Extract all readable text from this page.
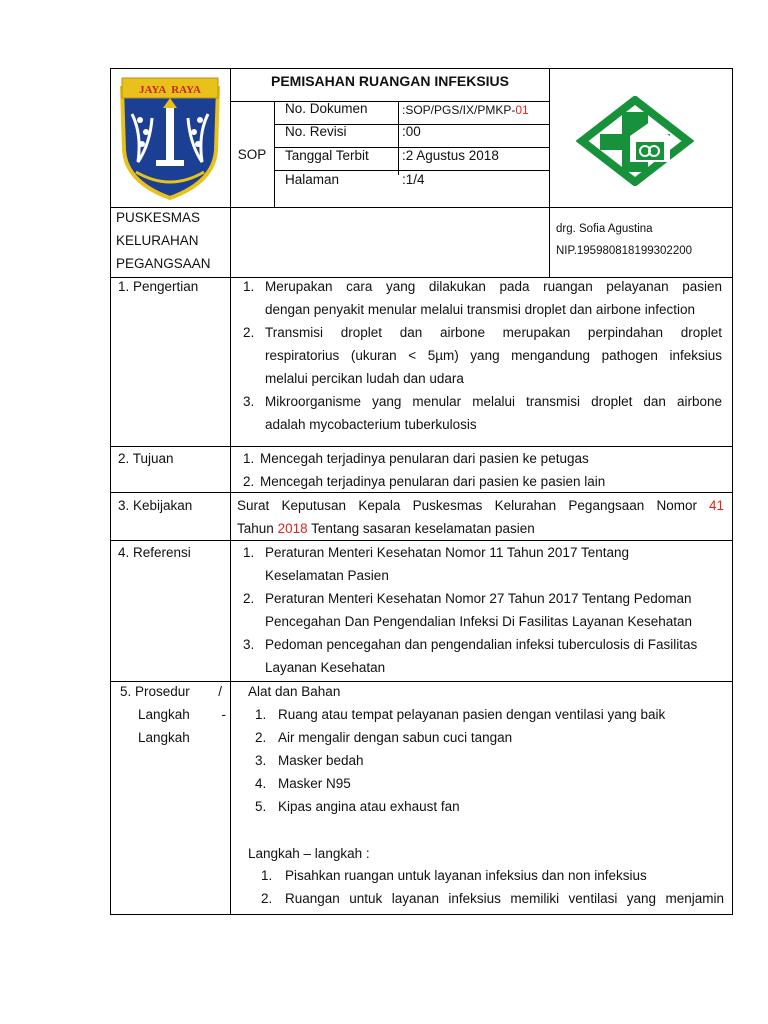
JAYA  RAYA
PEMISAHAN RUANGAN INFEKSIUS
SOP
No. Dokumen	:SOP/PGS/IX/PMKP-01
No. Revisi	:00
Tanggal Terbit :2 Agustus 2018
Halaman	:1/4
PUSKESMAS
KELURAHAN
PEGANGSAAN
drg. Sofia Agustina
NIP.195980818199302200
1. Pengertian	1. Merupakan cara yang dilakukan pada ruangan pelayanan pasien
dengan penyakit menular melalui transmisi droplet dan airbone infection
2. Transmisi droplet dan airbone merupakan perpindahan droplet
respiratorius (ukuran < 5µm) yang mengandung pathogen infeksius
melalui percikan ludah dan udara
3. Mikroorganisme yang menular melalui transmisi droplet dan airbone
adalah mycobacterium tuberkulosis
2. Tujuan	1. Mencegah terjadinya penularan dari pasien ke petugas
2. Mencegah terjadinya penularan dari pasien ke pasien lain
3. Kebijakan	Surat Keputusan Kepala Puskesmas Kelurahan Pegangsaan Nomor 41
Tahun 2018 Tentang sasaran keselamatan pasien
4. Referensi	1. Peraturan Menteri Kesehatan Nomor 11 Tahun 2017 Tentang
Keselamatan Pasien
2. Peraturan Menteri Kesehatan Nomor 27 Tahun 2017 Tentang Pedoman
Pencegahan Dan Pengendalian Infeksi Di Fasilitas Layanan Kesehatan
3. Pedoman pencegahan dan pengendalian infeksi tuberculosis di Fasilitas
Layanan Kesehatan
5. Prosedur /
Langkah -
Langkah
Alat dan Bahan
1. Ruang atau tempat pelayanan pasien dengan ventilasi yang baik
2. Air mengalir dengan sabun cuci tangan
3. Masker bedah
4. Masker N95
5. Kipas angina atau exhaust fan
Langkah – langkah :
1. Pisahkan ruangan untuk layanan infeksius dan non infeksius
2. Ruangan untuk layanan infeksius memiliki ventilasi yang menjamin
